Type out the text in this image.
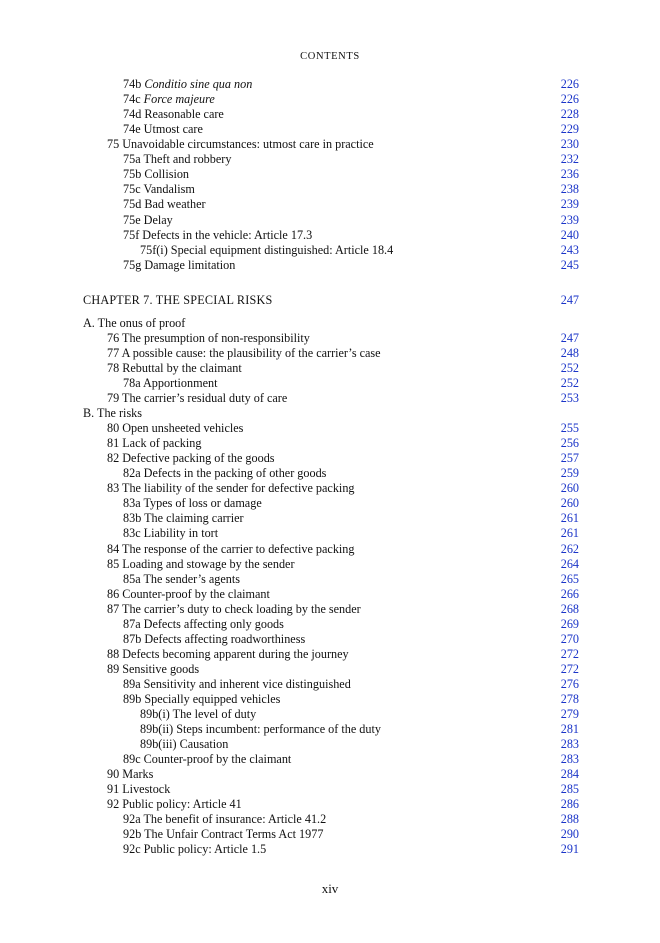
CONTENTS
74b Conditio sine qua non	226
74c Force majeure	226
74d Reasonable care	228
74e Utmost care	229
75 Unavoidable circumstances: utmost care in practice	230
75a Theft and robbery	232
75b Collision	236
75c Vandalism	238
75d Bad weather	239
75e Delay	239
75f Defects in the vehicle: Article 17.3	240
75f(i) Special equipment distinguished: Article 18.4	243
75g Damage limitation	245
CHAPTER 7. THE SPECIAL RISKS	247
A. The onus of proof
76 The presumption of non-responsibility	247
77 A possible cause: the plausibility of the carrier’s case	248
78 Rebuttal by the claimant	252
78a Apportionment	252
79 The carrier’s residual duty of care	253
B. The risks
80 Open unsheeted vehicles	255
81 Lack of packing	256
82 Defective packing of the goods	257
82a Defects in the packing of other goods	259
83 The liability of the sender for defective packing	260
83a Types of loss or damage	260
83b The claiming carrier	261
83c Liability in tort	261
84 The response of the carrier to defective packing	262
85 Loading and stowage by the sender	264
85a The sender’s agents	265
86 Counter-proof by the claimant	266
87 The carrier’s duty to check loading by the sender	268
87a Defects affecting only goods	269
87b Defects affecting roadworthiness	270
88 Defects becoming apparent during the journey	272
89 Sensitive goods	272
89a Sensitivity and inherent vice distinguished	276
89b Specially equipped vehicles	278
89b(i) The level of duty	279
89b(ii) Steps incumbent: performance of the duty	281
89b(iii) Causation	283
89c Counter-proof by the claimant	283
90 Marks	284
91 Livestock	285
92 Public policy: Article 41	286
92a The benefit of insurance: Article 41.2	288
92b The Unfair Contract Terms Act 1977	290
92c Public policy: Article 1.5	291
xiv
